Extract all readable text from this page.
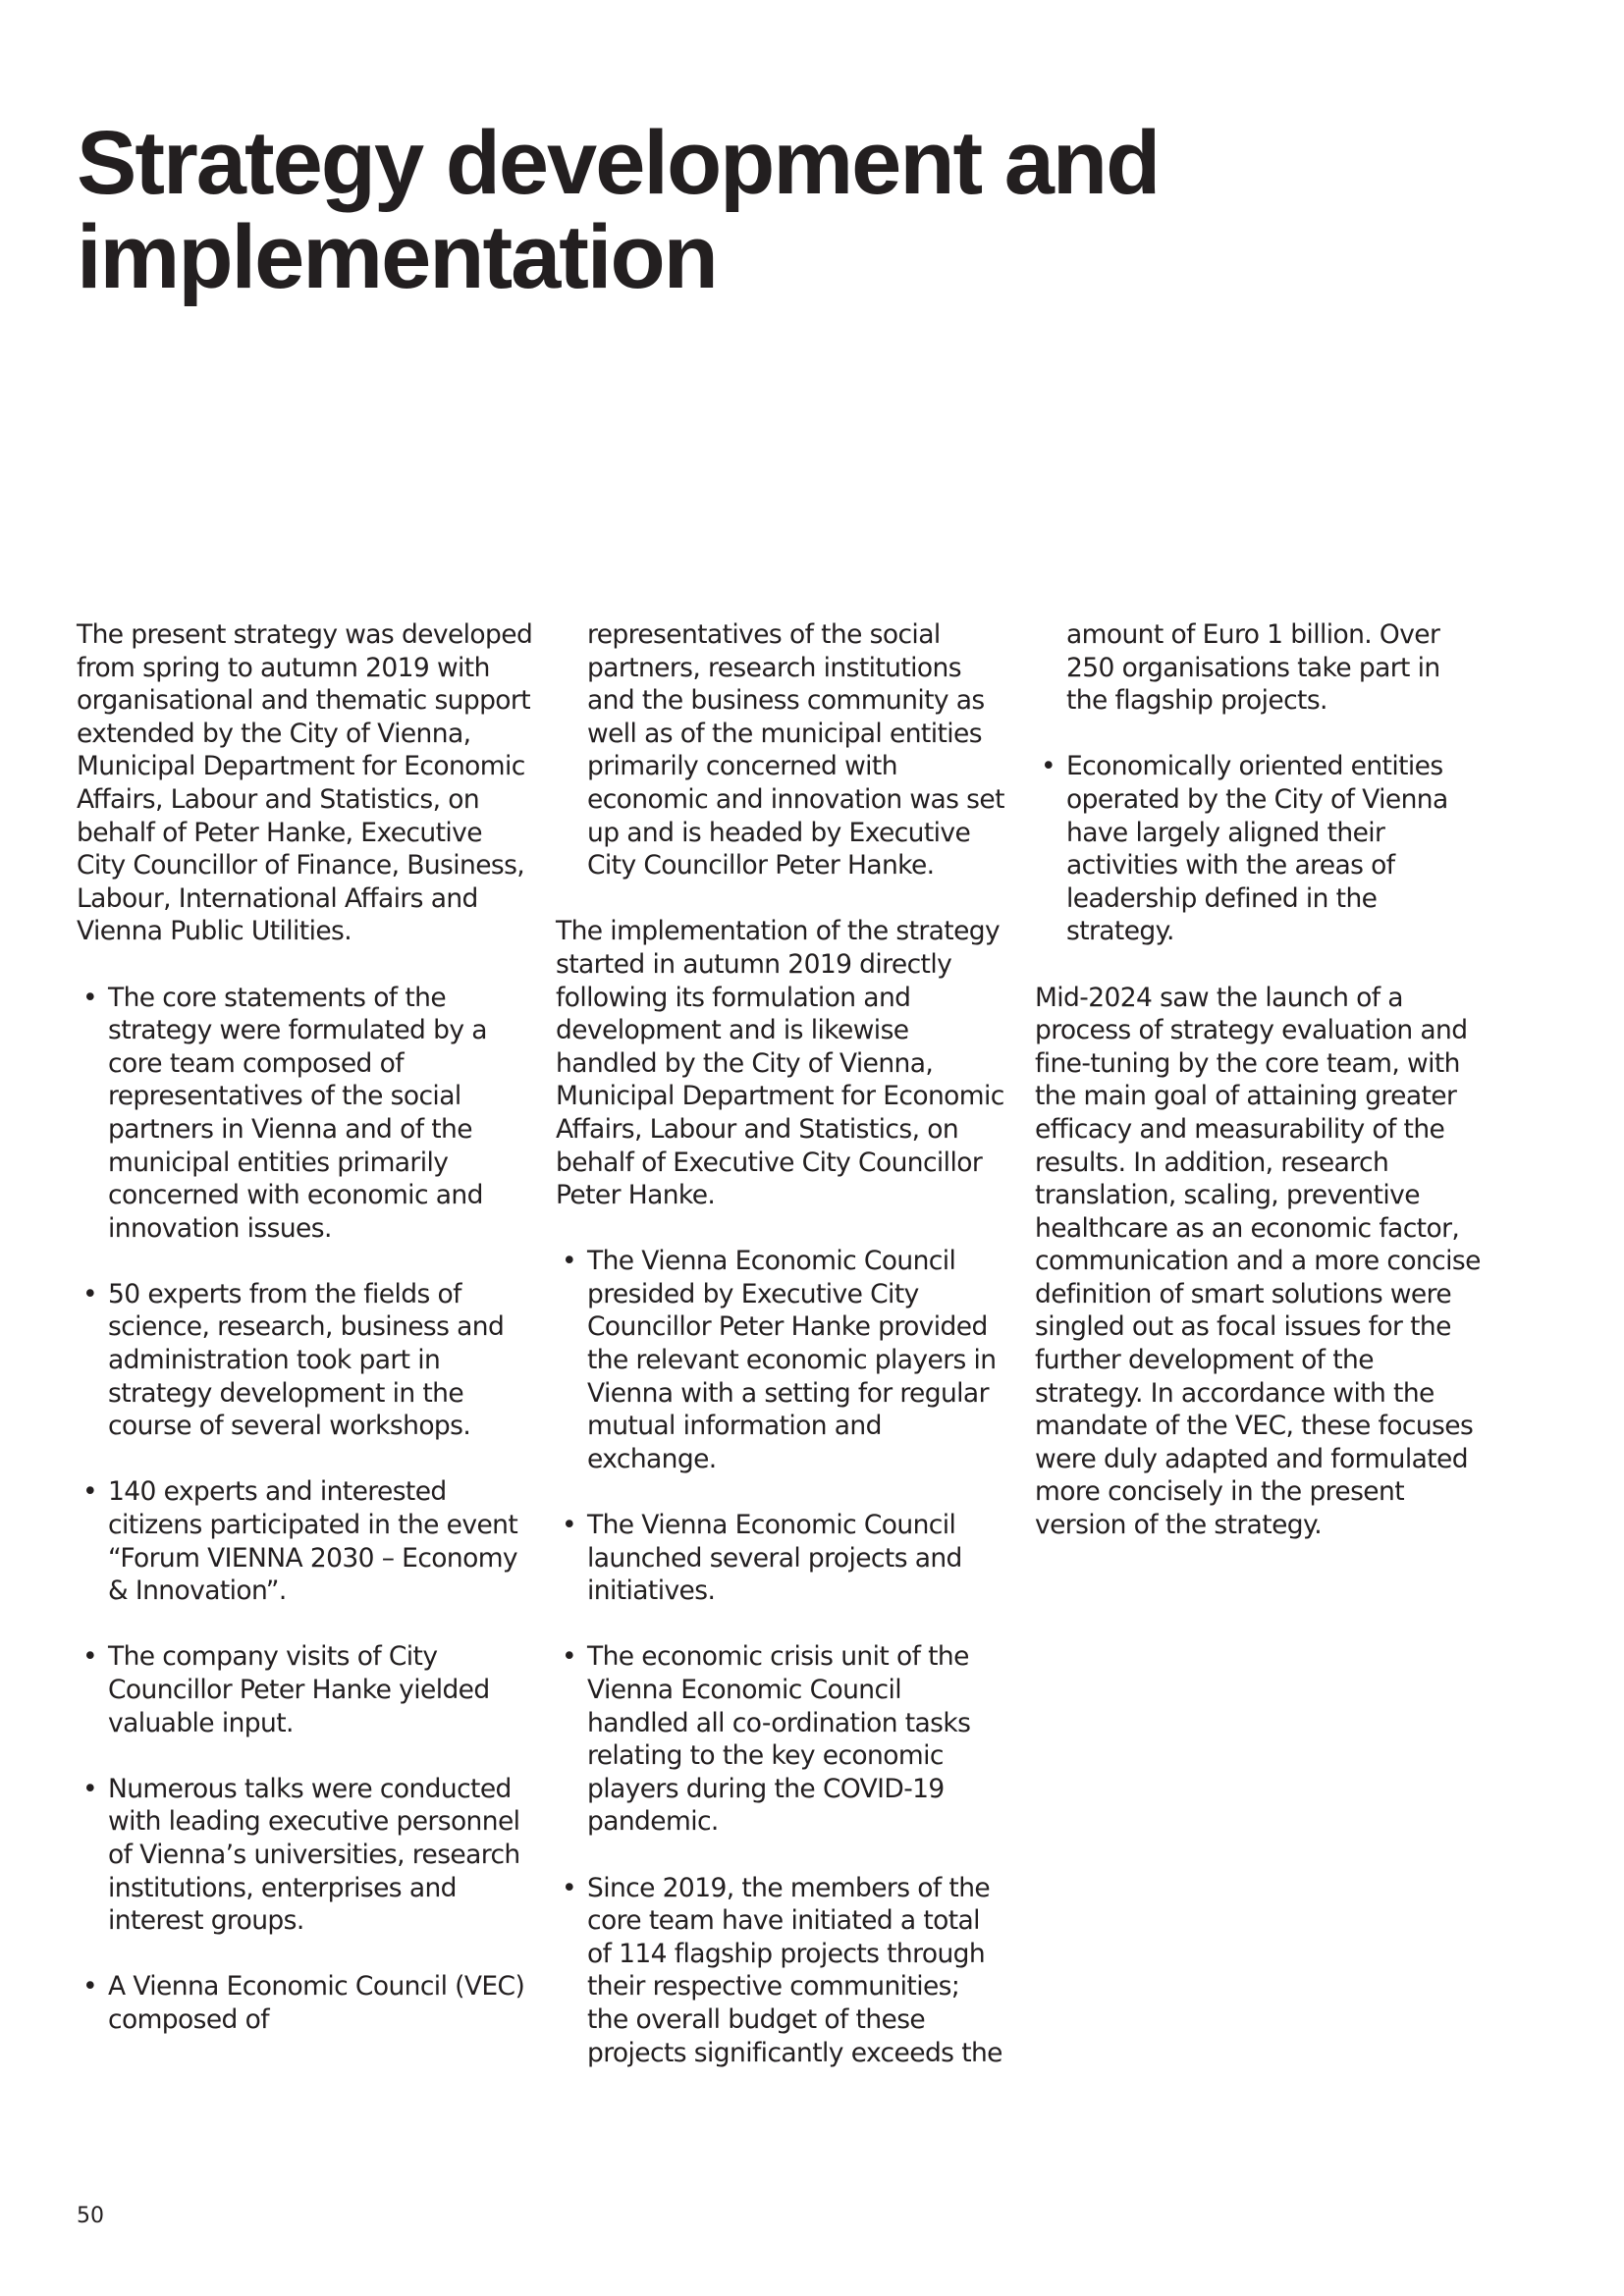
Strategy development and implementation

The present strategy was developed from spring to autumn 2019 with organisational and thematic support extended by the City of Vienna, Municipal Department for Economic Affairs, Labour and Statistics, on behalf of Peter Hanke, Executive City Councillor of Finance, Business, Labour, International Affairs and Vienna Public Utilities.

• The core statements of the strategy were formulated by a core team composed of representatives of the social partners in Vienna and of the municipal entities primarily concerned with economic and innovation issues.
• 50 experts from the fields of science, research, business and administration took part in strategy development in the course of several workshops.
• 140 experts and interested citizens participated in the event “Forum VIENNA 2030 – Economy & Innovation”.
• The company visits of City Councillor Peter Hanke yielded valuable input.
• Numerous talks were conducted with leading executive personnel of Vienna’s universities, research institutions, enterprises and interest groups.
• A Vienna Economic Council (VEC) composed of
representatives of the social partners, research institutions and the business community as well as of the municipal entities primarily concerned with economic and innovation was set up and is headed by Executive City Councillor Peter Hanke.

The implementation of the strategy started in autumn 2019 directly following its formulation and development and is likewise handled by the City of Vienna, Municipal Department for Economic Affairs, Labour and Statistics, on behalf of Executive City Councillor Peter Hanke.

• The Vienna Economic Council presided by Executive City Councillor Peter Hanke provided the relevant economic players in Vienna with a setting for regular mutual information and exchange.
• The Vienna Economic Council launched several projects and initiatives.
• The economic crisis unit of the Vienna Economic Council handled all co-ordination tasks relating to the key economic players during the COVID-19 pandemic.
• Since 2019, the members of the core team have initiated a total of 114 flagship projects through their respective communities; the overall budget of these projects significantly exceeds the
amount of Euro 1 billion. Over 250 organisations take part in the flagship projects.
• Economically oriented entities operated by the City of Vienna have largely aligned their activities with the areas of leadership defined in the strategy.

Mid-2024 saw the launch of a process of strategy evaluation and fine-tuning by the core team, with the main goal of attaining greater efficacy and measurability of the results. In addition, research translation, scaling, preventive healthcare as an economic factor, communication and a more concise definition of smart solutions were singled out as focal issues for the further development of the strategy. In accordance with the mandate of the VEC, these focuses were duly adapted and formulated more concisely in the present version of the strategy.

50
